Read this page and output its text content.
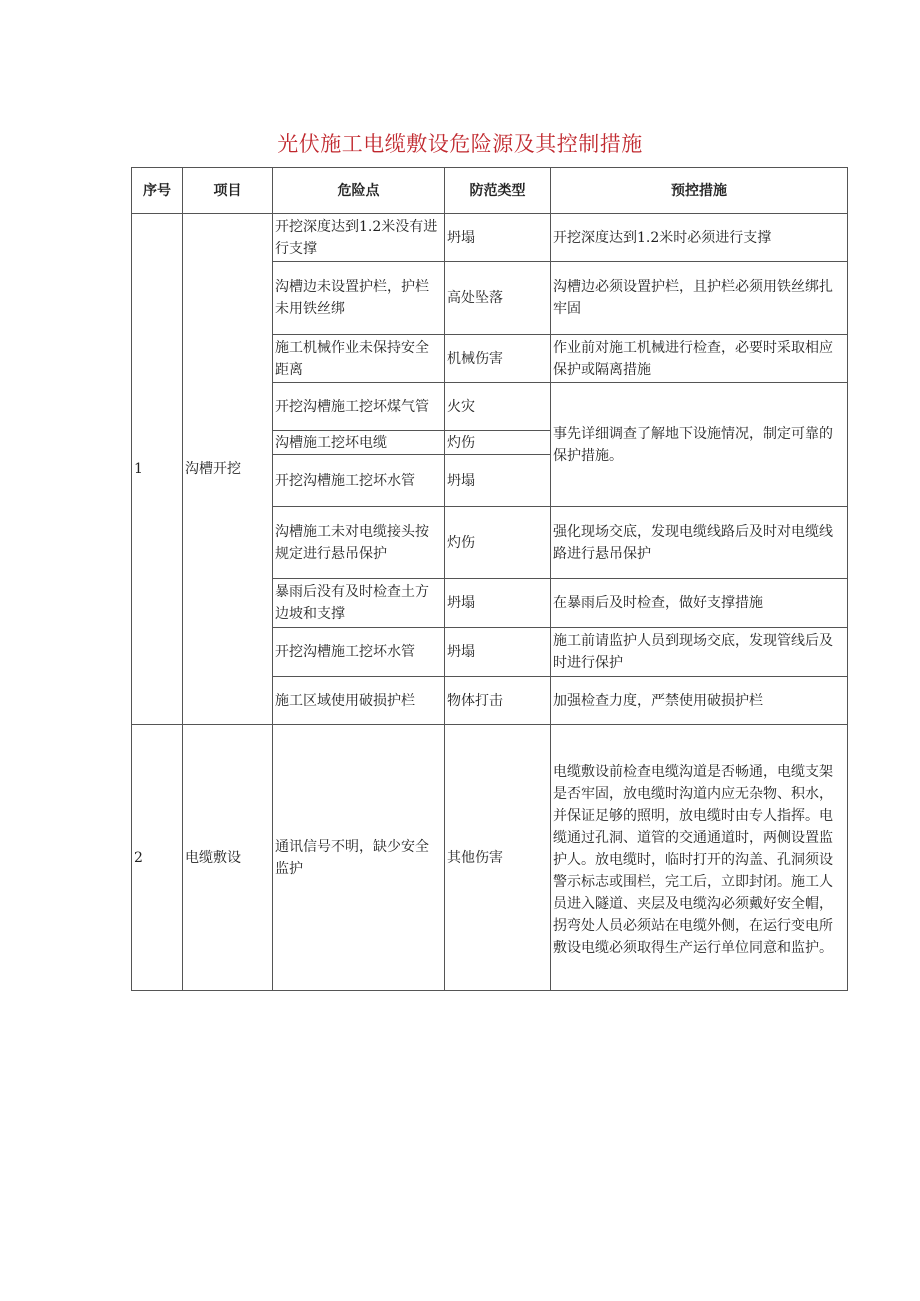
光伏施工电缆敷设危险源及其控制措施
序号	项目	危险点	防范类型	预控措施
1	沟槽开挖	开挖深度达到1.2米没有进行支撑	坍塌	开挖深度达到1.2米时必须进行支撑
		沟槽边未设置护栏，护栏未用铁丝绑	高处坠落	沟槽边必须设置护栏，且护栏必须用铁丝绑扎牢固
		施工机械作业未保持安全距离	机械伤害	作业前对施工机械进行检查，必要时采取相应保护或隔离措施
		开挖沟槽施工挖坏煤气管	火灾	事先详细调查了解地下设施情况，制定可靠的保护措施。
		沟槽施工挖坏电缆	灼伤	
		开挖沟槽施工挖坏水管	坍塌	
		沟槽施工未对电缆接头按规定进行悬吊保护	灼伤	强化现场交底，发现电缆线路后及时对电缆线路进行悬吊保护
		暴雨后没有及时检查土方边坡和支撑	坍塌	在暴雨后及时检查，做好支撑措施
		开挖沟槽施工挖坏水管	坍塌	施工前请监护人员到现场交底，发现管线后及时进行保护
		施工区域使用破损护栏	物体打击	加强检查力度，严禁使用破损护栏
2	电缆敷设	通讯信号不明，缺少安全监护	其他伤害	电缆敷设前检查电缆沟道是否畅通，电缆支架是否牢固，放电缆时沟道内应无杂物、积水，并保证足够的照明，放电缆时由专人指挥。电缆通过孔洞、道管的交通通道时，两侧设置监护人。放电缆时，临时打开的沟盖、孔洞须设警示标志或围栏，完工后，立即封闭。施工人员进入隧道、夹层及电缆沟必须戴好安全帽，拐弯处人员必须站在电缆外侧，在运行变电所敷设电缆必须取得生产运行单位同意和监护。
